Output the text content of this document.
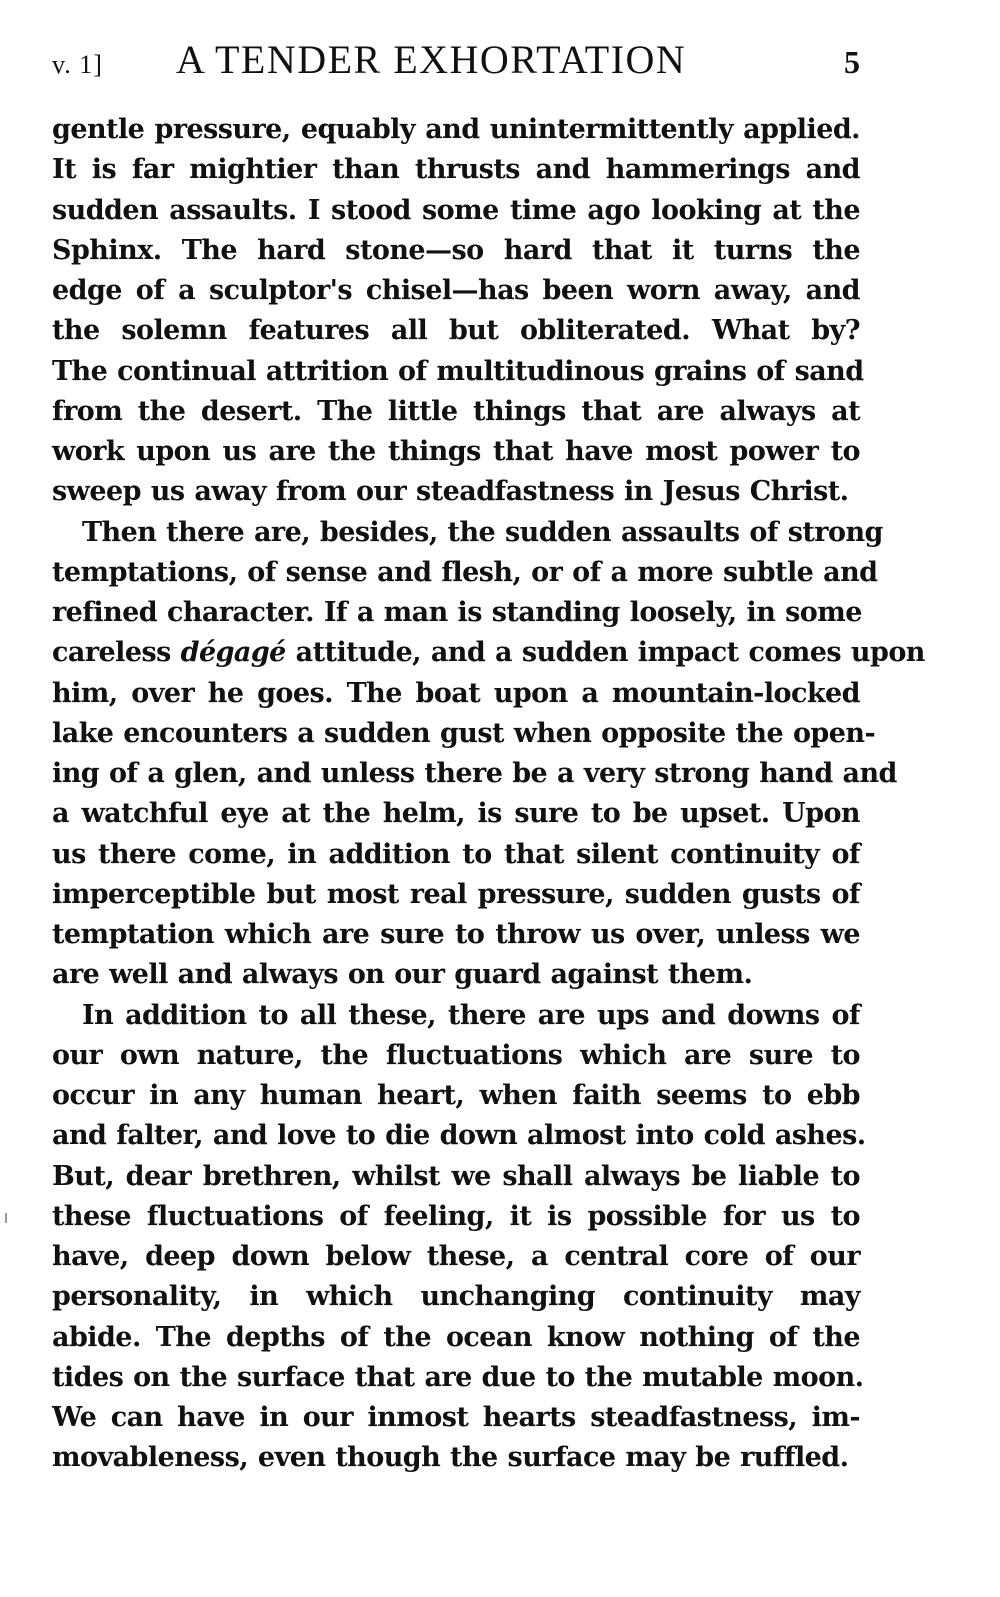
v. 1] A TENDER EXHORTATION	5

gentle pressure, equably and unintermittently applied.
It is far mightier than thrusts and hammerings and
sudden assaults. I stood some time ago looking at the
Sphinx. The hard stone—so hard that it turns the
edge of a sculptor's chisel—has been worn away, and
the solemn features all but obliterated. What by?
The continual attrition of multitudinous grains of sand
from the desert. The little things that are always at
work upon us are the things that have most power to
sweep us away from our steadfastness in Jesus Christ.

Then there are, besides, the sudden assaults of strong
temptations, of sense and flesh, or of a more subtle and
refined character. If a man is standing loosely, in some
careless dégagé attitude, and a sudden impact comes upon
him, over he goes. The boat upon a mountain-locked
lake encounters a sudden gust when opposite the open-
ing of a glen, and unless there be a very strong hand and
a watchful eye at the helm, is sure to be upset. Upon
us there come, in addition to that silent continuity of
imperceptible but most real pressure, sudden gusts of
temptation which are sure to throw us over, unless we
are well and always on our guard against them.

In addition to all these, there are ups and downs of
our own nature, the fluctuations which are sure to
occur in any human heart, when faith seems to ebb
and falter, and love to die down almost into cold ashes.
But, dear brethren, whilst we shall always be liable to
these fluctuations of feeling, it is possible for us to
have, deep down below these, a central core of our
personality, in which unchanging continuity may
abide. The depths of the ocean know nothing of the
tides on the surface that are due to the mutable moon.
We can have in our inmost hearts steadfastness, im-
movableness, even though the surface may be ruffled.
